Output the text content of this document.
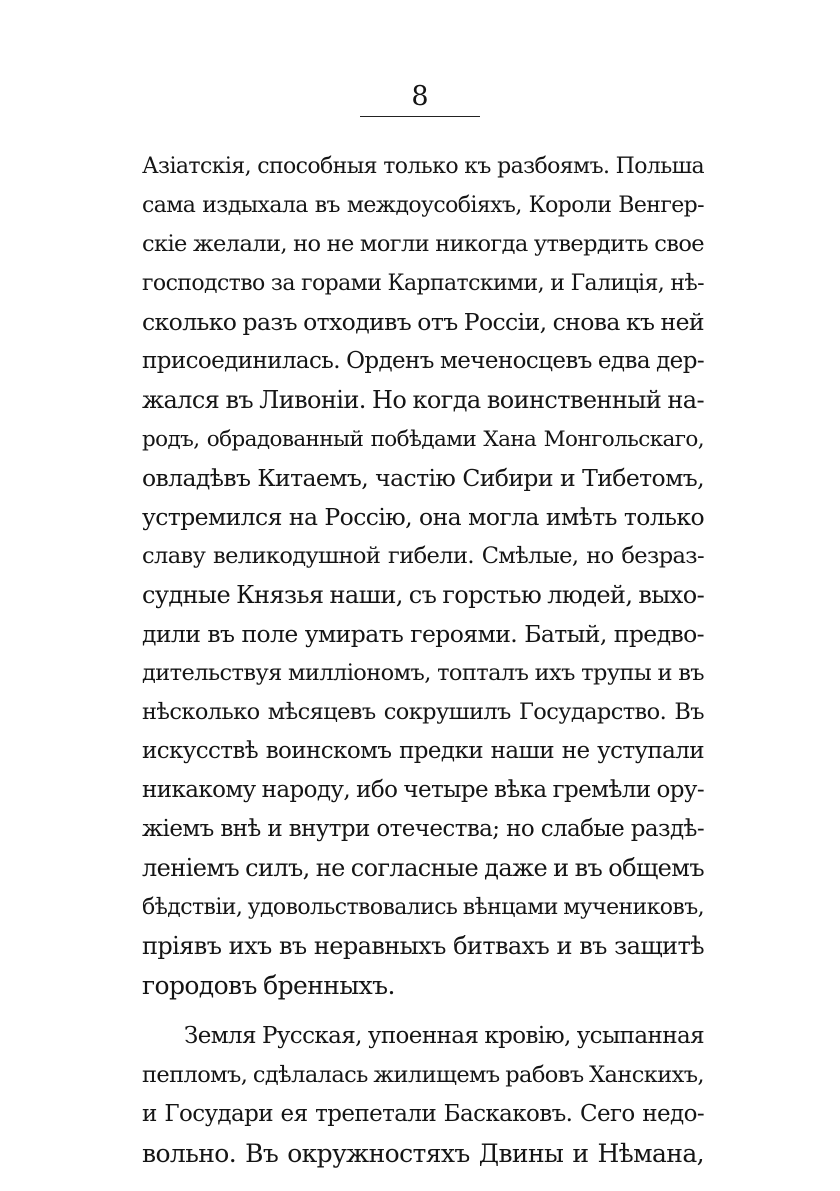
8
Азіатскія, способныя только къ разбоямъ. Польша
сама издыхала въ междоусобіяхъ, Короли Венгер-
скіе желали, но не могли никогда утвердить свое
господство за горами Карпатскими, и Галиція, нѣ-
сколько разъ отходивъ отъ Россіи, снова къ ней
присоединилась. Орденъ меченосцевъ едва дер-
жался въ Ливоніи. Но когда воинственный на-
родъ, обрадованный побѣдами Хана Монгольскаго,
овладѣвъ Китаемъ, частію Сибири и Тибетомъ,
устремился на Россію, она могла имѣть только
славу великодушной гибели. Смѣлые, но безраз-
судные Князья наши, съ горстью людей, выхо-
дили въ поле умирать героями. Батый, предво-
дительствуя милліономъ, топталъ ихъ трупы и въ
нѣсколько мѣсяцевъ сокрушилъ Государство. Въ
искусствѣ воинскомъ предки наши не уступали
никакому народу, ибо четыре вѣка гремѣли ору-
жіемъ внѣ и внутри отечества; но слабые раздѣ-
леніемъ силъ, не согласные даже и въ общемъ
бѣдствіи, удовольствовались вѣнцами мучениковъ,
пріявъ ихъ въ неравныхъ битвахъ и въ защитѣ
городовъ бренныхъ.
Земля Русская, упоенная кровію, усыпанная
пепломъ, сдѣлалась жилищемъ рабовъ Ханскихъ,
и Государи ея трепетали Баскаковъ. Сего недо-
вольно. Въ окружностяхъ Двины и Нѣмана,
